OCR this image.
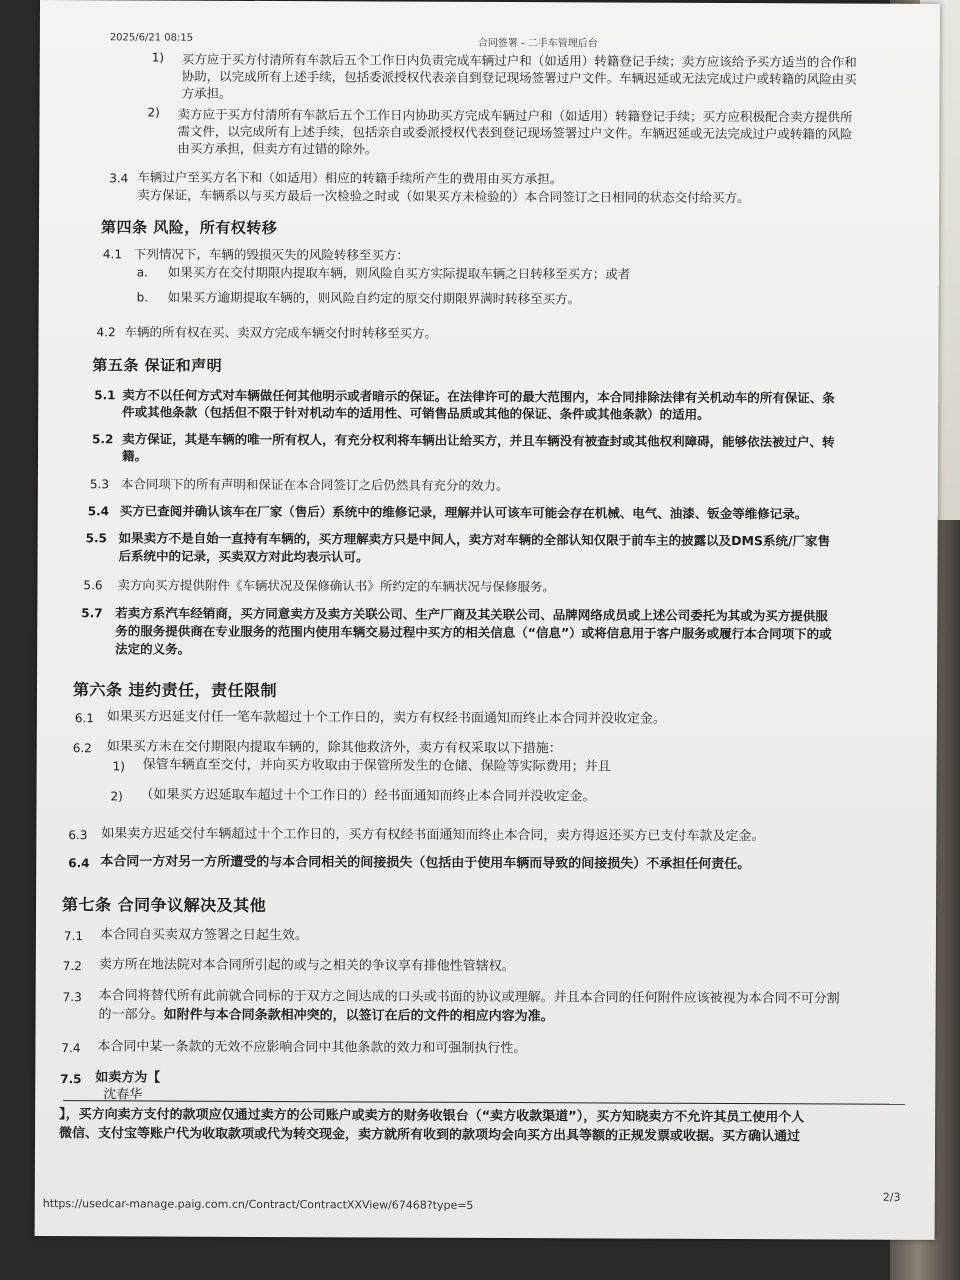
2025/6/21 08:15	合同签署 - 二手车管理后台
1) 买方应于买方付清所有车款后五个工作日内负责完成车辆过户和（如适用）转籍登记手续；卖方应该给予买方适当的合作和
协助，以完成所有上述手续，包括委派授权代表亲自到登记现场签署过户文件。车辆迟延或无法完成过户或转籍的风险由买
方承担。
2) 卖方应于买方付清所有车款后五个工作日内协助买方完成车辆过户和（如适用）转籍登记手续；买方应积极配合卖方提供所
需文件，以完成所有上述手续，包括亲自或委派授权代表到登记现场签署过户文件。车辆迟延或无法完成过户或转籍的风险
由买方承担，但卖方有过错的除外。
3.4 车辆过户至买方名下和（如适用）相应的转籍手续所产生的费用由买方承担。
卖方保证，车辆系以与买方最后一次检验之时或（如果买方未检验的）本合同签订之日相同的状态交付给买方。
第四条 风险，所有权转移
4.1 下列情况下，车辆的毁损灭失的风险转移至买方：
a. 如果买方在交付期限内提取车辆，则风险自买方实际提取车辆之日转移至买方；或者
b. 如果买方逾期提取车辆的，则风险自约定的原交付期限界满时转移至买方。
4.2 车辆的所有权在买、卖双方完成车辆交付时转移至买方。
第五条 保证和声明
5.1 卖方不以任何方式对车辆做任何其他明示或者暗示的保证。在法律许可的最大范围内，本合同排除法律有关机动车的所有保证、条
件或其他条款（包括但不限于针对机动车的适用性、可销售品质或其他的保证、条件或其他条款）的适用。
5.2 卖方保证，其是车辆的唯一所有权人，有充分权利将车辆出让给买方，并且车辆没有被查封或其他权利障碍，能够依法被过户、转
籍。
5.3 本合同项下的所有声明和保证在本合同签订之后仍然具有充分的效力。
5.4 买方已查阅并确认该车在厂家（售后）系统中的维修记录，理解并认可该车可能会存在机械、电气、油漆、钣金等维修记录。
5.5 如果卖方不是自始一直持有车辆的，买方理解卖方只是中间人，卖方对车辆的全部认知仅限于前车主的披露以及DMS系统/厂家售
后系统中的记录，买卖双方对此均表示认可。
5.6 卖方向买方提供附件《车辆状况及保修确认书》所约定的车辆状况与保修服务。
5.7 若卖方系汽车经销商，买方同意卖方及卖方关联公司、生产厂商及其关联公司、品牌网络成员或上述公司委托为其或为买方提供服
务的服务提供商在专业服务的范围内使用车辆交易过程中买方的相关信息（“信息”）或将信息用于客户服务或履行本合同项下的或
法定的义务。
第六条 违约责任，责任限制
6.1 如果买方迟延支付任一笔车款超过十个工作日的，卖方有权经书面通知而终止本合同并没收定金。
6.2 如果买方未在交付期限内提取车辆的，除其他救济外，卖方有权采取以下措施：
1) 保管车辆直至交付，并向买方收取由于保管所发生的仓储、保险等实际费用；并且
2) （如果买方迟延取车超过十个工作日的）经书面通知而终止本合同并没收定金。
6.3 如果卖方迟延交付车辆超过十个工作日的，买方有权经书面通知而终止本合同，卖方得返还买方已支付车款及定金。
6.4 本合同一方对另一方所遭受的与本合同相关的间接损失（包括由于使用车辆而导致的间接损失）不承担任何责任。
第七条 合同争议解决及其他
7.1 本合同自买卖双方签署之日起生效。
7.2 卖方所在地法院对本合同所引起的或与之相关的争议享有排他性管辖权。
7.3 本合同将替代所有此前就合同标的于双方之间达成的口头或书面的协议或理解。并且本合同的任何附件应该被视为本合同不可分割
的一部分。如附件与本合同条款相冲突的，以签订在后的文件的相应内容为准。
7.4 本合同中某一条款的无效不应影响合同中其他条款的效力和可强制执行性。
7.5 如卖方为【
沈春华
】，买方向卖方支付的款项应仅通过卖方的公司账户或卖方的财务收银台（“卖方收款渠道”），买方知晓卖方不允许其员工使用个人
微信、支付宝等账户代为收取款项或代为转交现金，卖方就所有收到的款项均会向买方出具等额的正规发票或收据。买方确认通过
https://usedcar-manage.paig.com.cn/Contract/ContractXXView/67468?type=5	2/3
